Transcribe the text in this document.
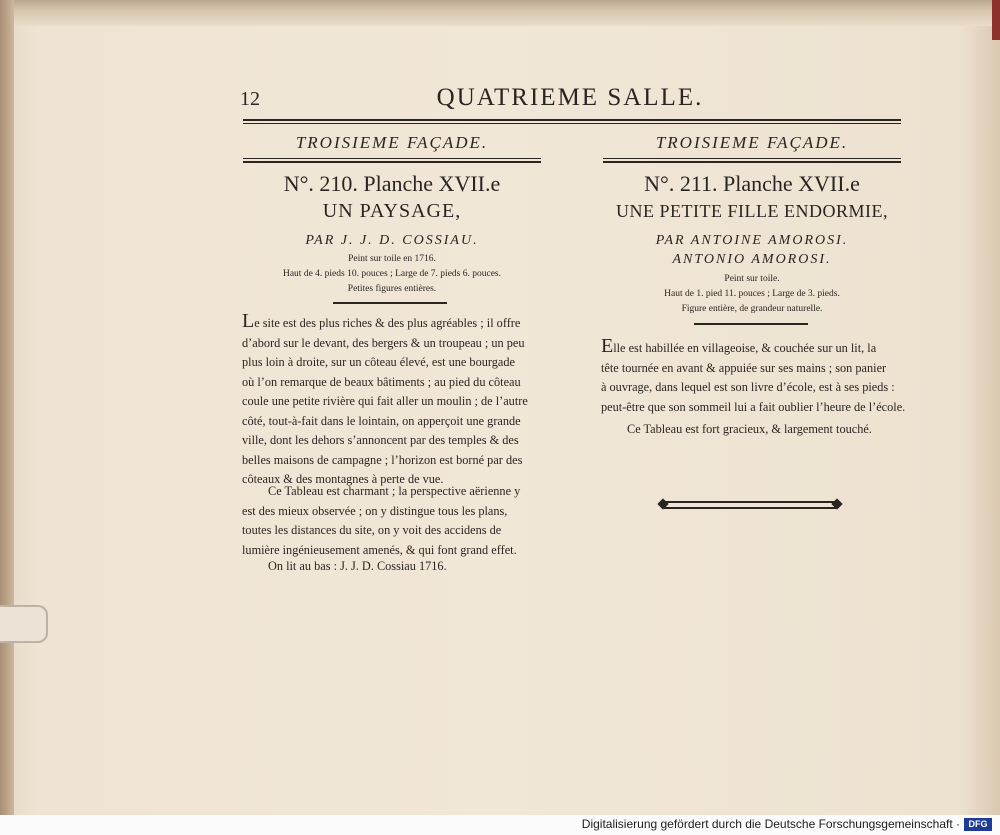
12	QUATRIEME SALLE.
TROISIEME FAÇADE.
N°. 210. Planche XVII.e
UN PAYSAGE,
PAR J. J. D. COSSIAU.
Peint sur toile en 1716.
Haut de 4. pieds 10. pouces ; Large de 7. pieds 6. pouces.
Petites figures entières.

Le site est des plus riches & des plus agréables ; il offre

d’abord sur le devant, des bergers & un troupeau ; un peu

plus loin à droite, sur un côteau élevé, est une bourgade

où l’on remarque de beaux bâtiments ; au pied du côteau

coule une petite rivière qui fait aller un moulin ; de l’autre

côté, tout-à-fait dans le lointain, on apperçoit une grande

ville, dont les dehors s’annoncent par des temples & des

belles maisons de campagne ; l’horizon est borné par des

côteaux & des montagnes à perte de vue.

Ce Tableau est charmant ; la perspective aërienne y

est des mieux observée ; on y distingue tous les plans,

toutes les distances du site, on y voit des accidens de

lumière ingénieusement amenés, & qui font grand effet.

On lit au bas : J. J. D. Cossiau 1716.

TROISIEME FAÇADE.
N°. 211. Planche XVII.e
UNE PETITE FILLE ENDORMIE,
PAR ANTOINE AMOROSI.
ANTONIO AMOROSI.
Peint sur toile.
Haut de 1. pied 11. pouces ; Large de 3. pieds.
Figure entière, de grandeur naturelle.

Elle est habillée en villageoise, & couchée sur un lit, la

tête tournée en avant & appuiée sur ses mains ; son panier

à ouvrage, dans lequel est son livre d’école, est à ses pieds :

peut-être que son sommeil lui a fait oublier l’heure de l’école.

Ce Tableau est fort gracieux, & largement touché.

Digitalisierung gefördert durch die Deutsche Forschungsgemeinschaft · DFG
